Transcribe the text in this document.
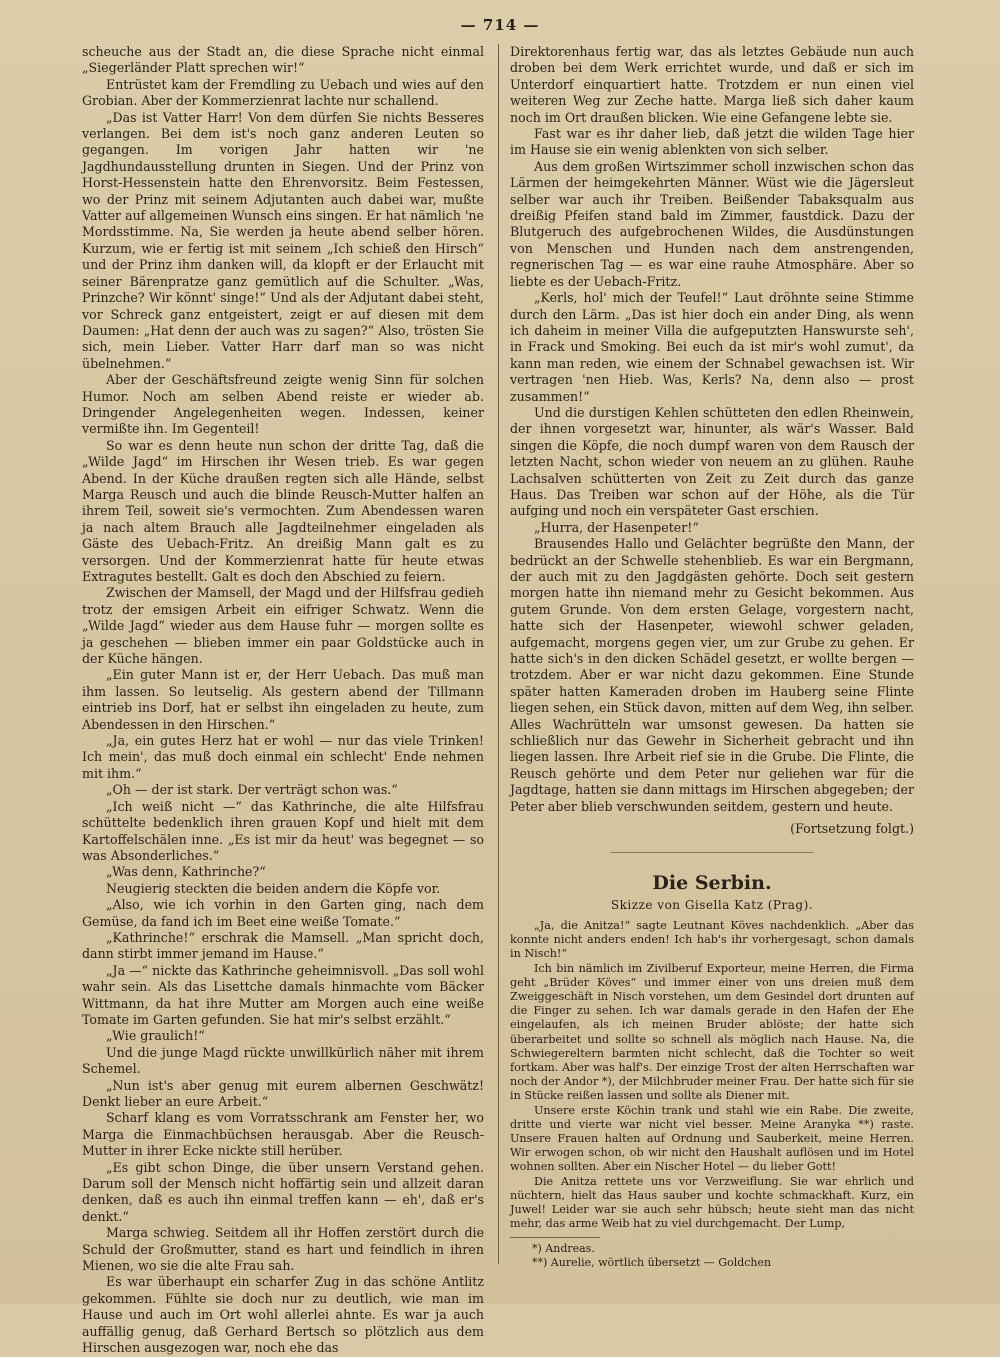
— 714 —

scheuche aus der Stadt an, die diese Sprache nicht einmal „Siegerländer Platt sprechen wir!“

Entrüstet kam der Fremdling zu Uebach und wies auf den Grobian. Aber der Kommerzienrat lachte nur schallend.

„Das ist Vatter Harr! Von dem dürfen Sie nichts Besseres verlangen. Bei dem ist's noch ganz anderen Leuten so gegangen. Im vorigen Jahr hatten wir 'ne Jagdhundausstellung drunten in Siegen. Und der Prinz von Horst-Hessenstein hatte den Ehrenvorsitz. Beim Festessen, wo der Prinz mit seinem Adjutanten auch dabei war, mußte Vatter auf allgemeinen Wunsch eins singen. Er hat nämlich 'ne Mordsstimme. Na, Sie werden ja heute abend selber hören. Kurzum, wie er fertig ist mit seinem „Ich schieß den Hirsch“ und der Prinz ihm danken will, da klopft er der Erlaucht mit seiner Bärenpratze ganz gemütlich auf die Schulter. „Was, Prinzche? Wir könnt' singe!“ Und als der Adjutant dabei steht, vor Schreck ganz entgeistert, zeigt er auf diesen mit dem Daumen: „Hat denn der auch was zu sagen?“ Also, trösten Sie sich, mein Lieber. Vatter Harr darf man so was nicht übelnehmen.“

Aber der Geschäftsfreund zeigte wenig Sinn für solchen Humor. Noch am selben Abend reiste er wieder ab. Dringender Angelegenheiten wegen. Indessen, keiner vermißte ihn. Im Gegenteil!

So war es denn heute nun schon der dritte Tag, daß die „Wilde Jagd“ im Hirschen ihr Wesen trieb. Es war gegen Abend. In der Küche draußen regten sich alle Hände, selbst Marga Reusch und auch die blinde Reusch-Mutter halfen an ihrem Teil, soweit sie's vermochten. Zum Abendessen waren ja nach altem Brauch alle Jagdteilnehmer eingeladen als Gäste des Uebach-Fritz. An dreißig Mann galt es zu versorgen. Und der Kommerzienrat hatte für heute etwas Extragutes bestellt. Galt es doch den Abschied zu feiern.

Zwischen der Mamsell, der Magd und der Hilfsfrau gedieh trotz der emsigen Arbeit ein eifriger Schwatz. Wenn die „Wilde Jagd“ wieder aus dem Hause fuhr — morgen sollte es ja geschehen — blieben immer ein paar Goldstücke auch in der Küche hängen.

„Ein guter Mann ist er, der Herr Uebach. Das muß man ihm lassen. So leutselig. Als gestern abend der Tillmann eintrieb ins Dorf, hat er selbst ihn eingeladen zu heute, zum Abendessen in den Hirschen.“

„Ja, ein gutes Herz hat er wohl — nur das viele Trinken! Ich mein', das muß doch einmal ein schlecht' Ende nehmen mit ihm.“

„Oh — der ist stark. Der verträgt schon was.“

„Ich weiß nicht —“ das Kathrinche, die alte Hilfsfrau schüttelte bedenklich ihren grauen Kopf und hielt mit dem Kartoffelschälen inne. „Es ist mir da heut' was begegnet — so was Absonderliches.“

„Was denn, Kathrinche?“

Neugierig steckten die beiden andern die Köpfe vor.

„Also, wie ich vorhin in den Garten ging, nach dem Gemüse, da fand ich im Beet eine weiße Tomate.“

„Kathrinche!“ erschrak die Mamsell. „Man spricht doch, dann stirbt immer jemand im Hause.“

„Ja —“ nickte das Kathrinche geheimnisvoll. „Das soll wohl wahr sein. Als das Lisettche damals hinmachte vom Bäcker Wittmann, da hat ihre Mutter am Morgen auch eine weiße Tomate im Garten gefunden. Sie hat mir's selbst erzählt.“

„Wie graulich!“

Und die junge Magd rückte unwillkürlich näher mit ihrem Schemel.

„Nun ist's aber genug mit eurem albernen Geschwätz! Denkt lieber an eure Arbeit.“

Scharf klang es vom Vorratsschrank am Fenster her, wo Marga die Einmachbüchsen herausgab. Aber die Reusch-Mutter in ihrer Ecke nickte still herüber.

„Es gibt schon Dinge, die über unsern Verstand gehen. Darum soll der Mensch nicht hoffärtig sein und allzeit daran denken, daß es auch ihn einmal treffen kann — eh', daß er's denkt.“

Marga schwieg. Seitdem all ihr Hoffen zerstört durch die Schuld der Großmutter, stand es hart und feindlich in ihren Mienen, wo sie die alte Frau sah.

Es war überhaupt ein scharfer Zug in das schöne Antlitz gekommen. Fühlte sie doch nur zu deutlich, wie man im Hause und auch im Ort wohl allerlei ahnte. Es war ja auch auffällig genug, daß Gerhard Bertsch so plötzlich aus dem Hirschen ausgezogen war, noch ehe das

Direktorenhaus fertig war, das als letztes Gebäude nun auch droben bei dem Werk errichtet wurde, und daß er sich im Unterdorf einquartiert hatte. Trotzdem er nun einen viel weiteren Weg zur Zeche hatte. Marga ließ sich daher kaum noch im Ort draußen blicken. Wie eine Gefangene lebte sie.

Fast war es ihr daher lieb, daß jetzt die wilden Tage hier im Hause sie ein wenig ablenkten von sich selber.

Aus dem großen Wirtszimmer scholl inzwischen schon das Lärmen der heimgekehrten Männer. Wüst wie die Jägersleut selber war auch ihr Treiben. Beißender Tabaksqualm aus dreißig Pfeifen stand bald im Zimmer, faustdick. Dazu der Blutgeruch des aufgebrochenen Wildes, die Ausdünstungen von Menschen und Hunden nach dem anstrengenden, regnerischen Tag — es war eine rauhe Atmosphäre. Aber so liebte es der Uebach-Fritz.

„Kerls, hol' mich der Teufel!“ Laut dröhnte seine Stimme durch den Lärm. „Das ist hier doch ein ander Ding, als wenn ich daheim in meiner Villa die aufgeputzten Hanswurste seh', in Frack und Smoking. Bei euch da ist mir's wohl zumut', da kann man reden, wie einem der Schnabel gewachsen ist. Wir vertragen 'nen Hieb. Was, Kerls? Na, denn also — prost zusammen!“

Und die durstigen Kehlen schütteten den edlen Rheinwein, der ihnen vorgesetzt war, hinunter, als wär's Wasser. Bald singen die Köpfe, die noch dumpf waren von dem Rausch der letzten Nacht, schon wieder von neuem an zu glühen. Rauhe Lachsalven schütterten von Zeit zu Zeit durch das ganze Haus. Das Treiben war schon auf der Höhe, als die Tür aufging und noch ein verspäteter Gast erschien.

„Hurra, der Hasenpeter!“

Brausendes Hallo und Gelächter begrüßte den Mann, der bedrückt an der Schwelle stehenblieb. Es war ein Bergmann, der auch mit zu den Jagdgästen gehörte. Doch seit gestern morgen hatte ihn niemand mehr zu Gesicht bekommen. Aus gutem Grunde. Von dem ersten Gelage, vorgestern nacht, hatte sich der Hasenpeter, wiewohl schwer geladen, aufgemacht, morgens gegen vier, um zur Grube zu gehen. Er hatte sich's in den dicken Schädel gesetzt, er wollte bergen — trotzdem. Aber er war nicht dazu gekommen. Eine Stunde später hatten Kameraden droben im Hauberg seine Flinte liegen sehen, ein Stück davon, mitten auf dem Weg, ihn selber. Alles Wachrütteln war umsonst gewesen. Da hatten sie schließlich nur das Gewehr in Sicherheit gebracht und ihn liegen lassen. Ihre Arbeit rief sie in die Grube. Die Flinte, die Reusch gehörte und dem Peter nur geliehen war für die Jagdtage, hatten sie dann mittags im Hirschen abgegeben; der Peter aber blieb verschwunden seitdem, gestern und heute.

(Fortsetzung folgt.)

Die Serbin.
Skizze von Gisella Katz (Prag).

„Ja, die Anitza!“ sagte Leutnant Köves nachdenklich. „Aber das konnte nicht anders enden! Ich hab's ihr vorhergesagt, schon damals in Nisch!“

Ich bin nämlich im Zivilberuf Exporteur, meine Herren, die Firma geht „Brüder Köves“ und immer einer von uns dreien muß dem Zweiggeschäft in Nisch vorstehen, um dem Gesindel dort drunten auf die Finger zu sehen. Ich war damals gerade in den Hafen der Ehe eingelaufen, als ich meinen Bruder ablöste; der hatte sich überarbeitet und sollte so schnell als möglich nach Hause. Na, die Schwiegereltern barmten nicht schlecht, daß die Tochter so weit fortkam. Aber was half's. Der einzige Trost der alten Herrschaften war noch der Andor *), der Milchbruder meiner Frau. Der hatte sich für sie in Stücke reißen lassen und sollte als Diener mit.

Unsere erste Köchin trank und stahl wie ein Rabe. Die zweite, dritte und vierte war nicht viel besser. Meine Aranyka **) raste. Unsere Frauen halten auf Ordnung und Sauberkeit, meine Herren. Wir erwogen schon, ob wir nicht den Haushalt auflösen und im Hotel wohnen sollten. Aber ein Nischer Hotel — du lieber Gott!

Die Anitza rettete uns vor Verzweiflung. Sie war ehrlich und nüchtern, hielt das Haus sauber und kochte schmackhaft. Kurz, ein Juwel! Leider war sie auch sehr hübsch; heute sieht man das nicht mehr, das arme Weib hat zu viel durchgemacht. Der Lump,

*) Andreas.

**) Aurelie, wörtlich übersetzt — Goldchen
